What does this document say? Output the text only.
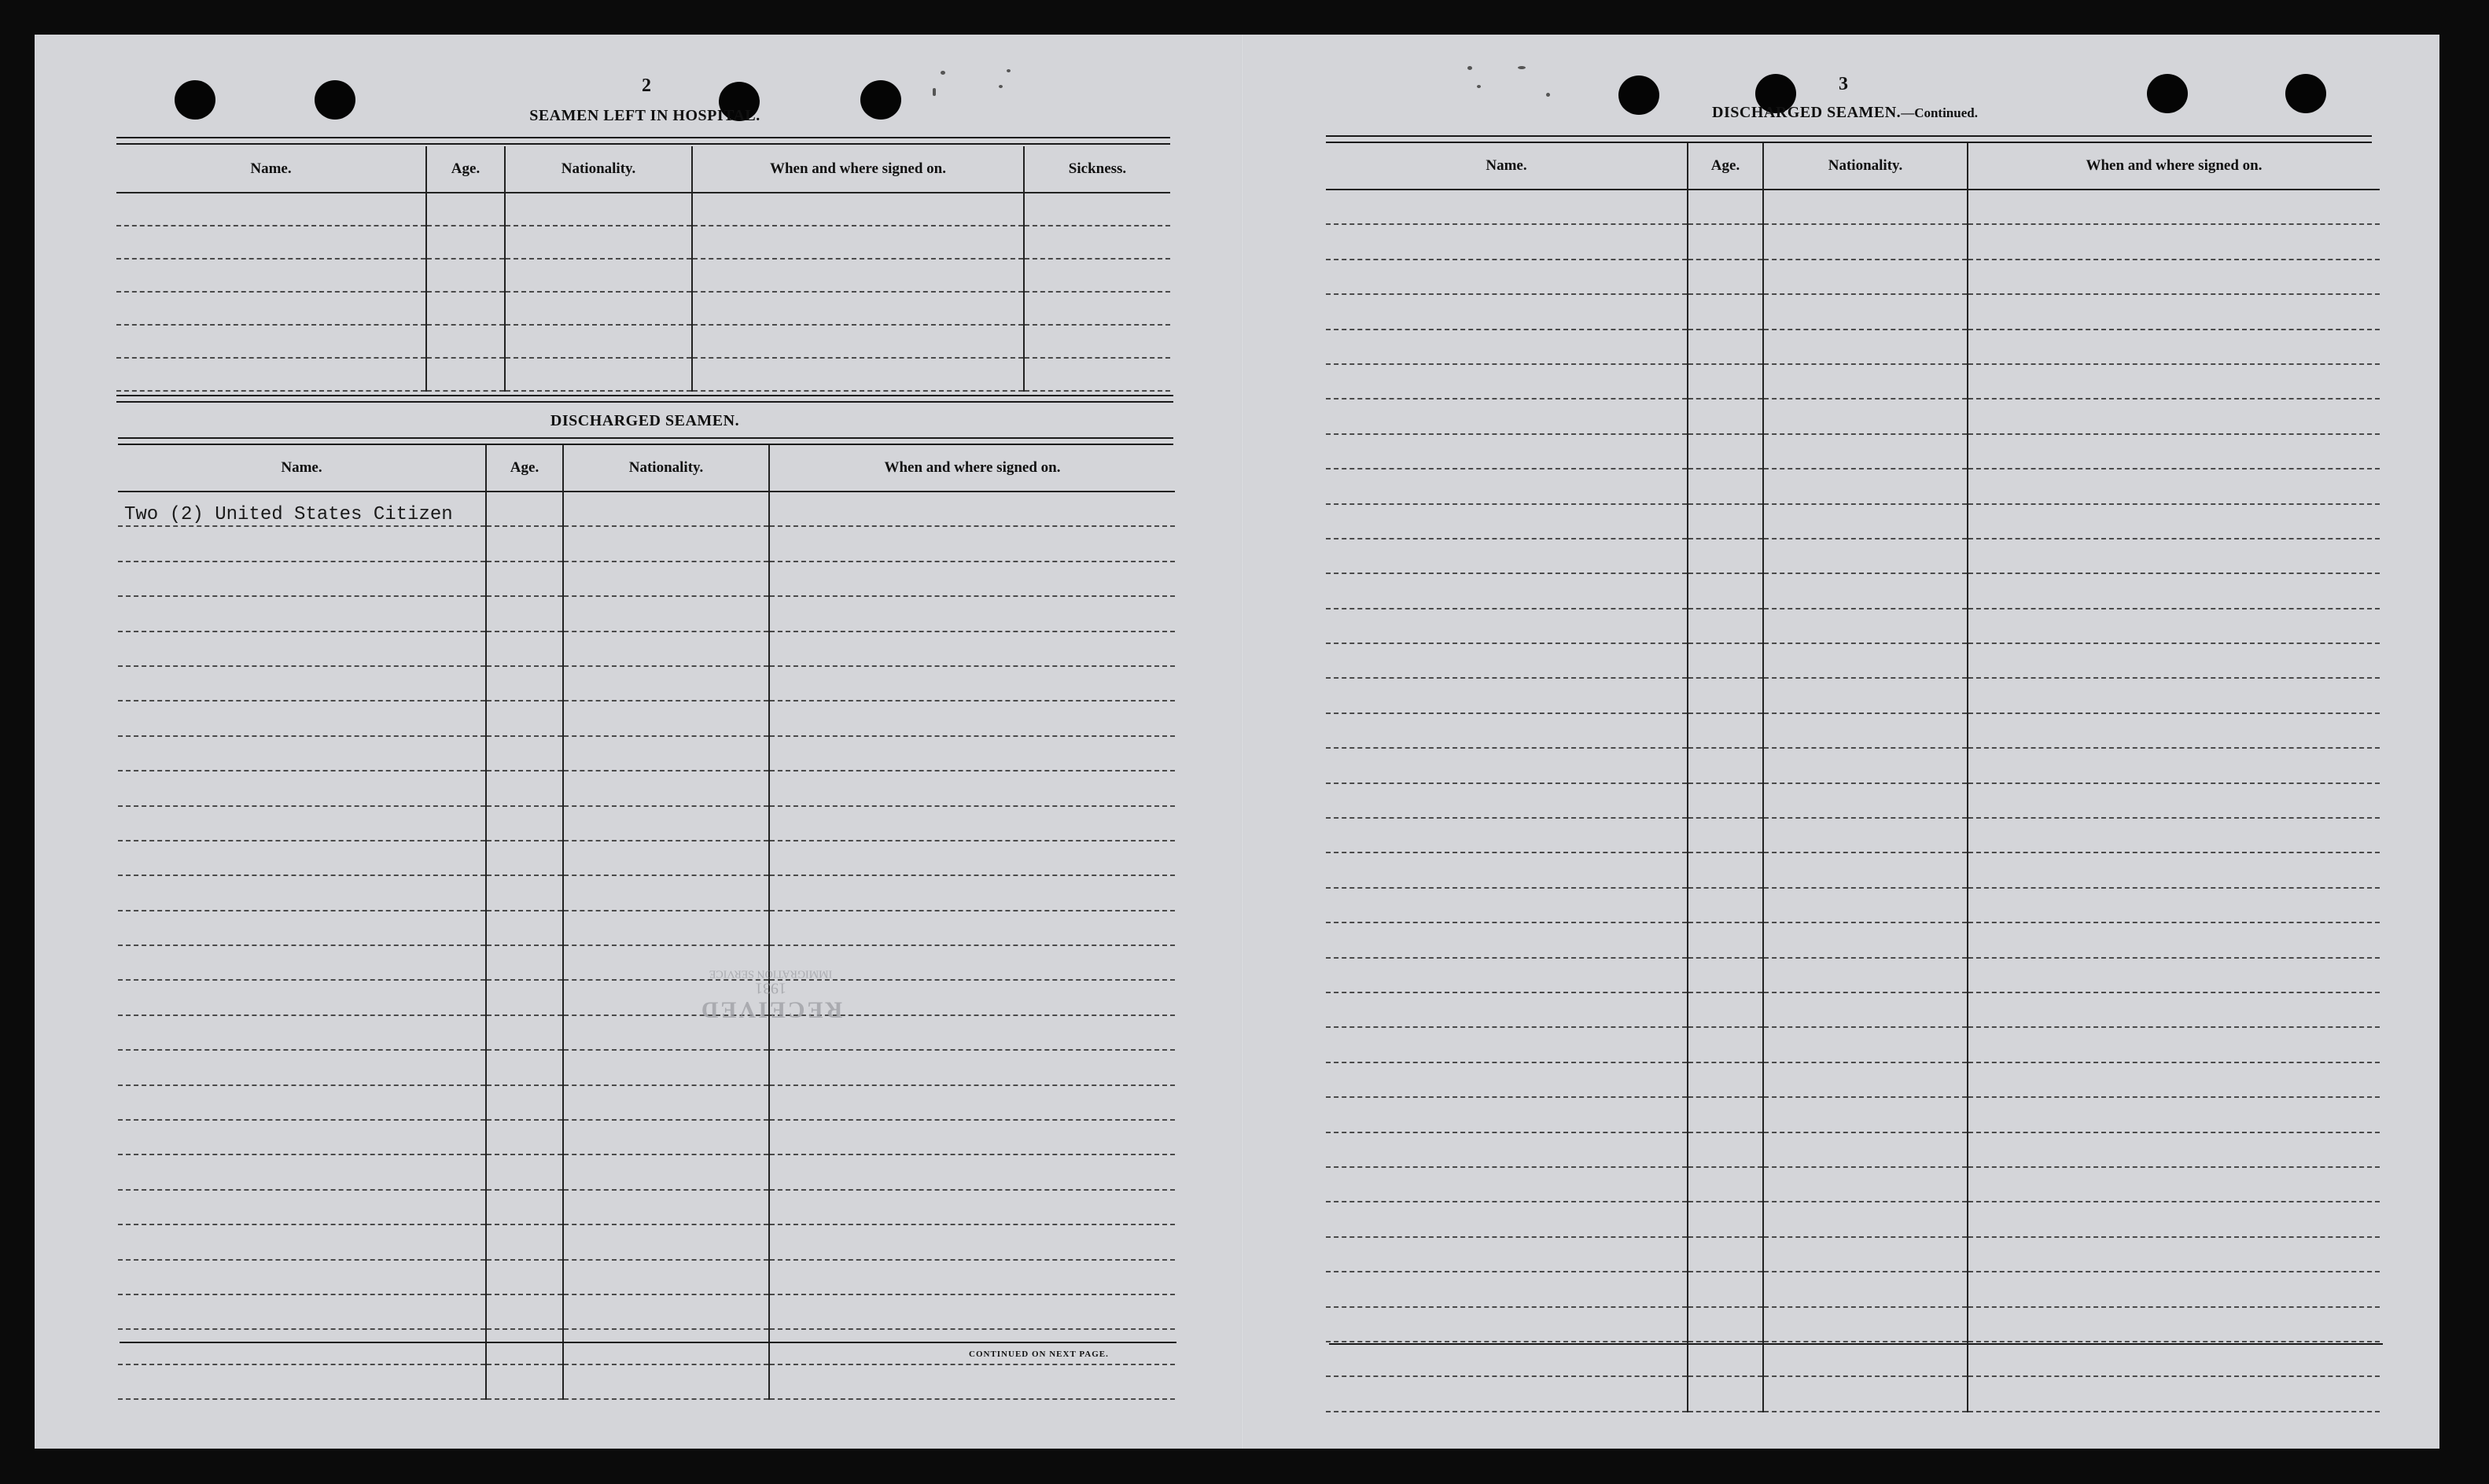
2
SEAMEN LEFT IN HOSPITAL.
Name.	Age.	Nationality.	When and where signed on.	Sickness.

DISCHARGED SEAMEN.
Name.	Age.	Nationality.	When and where signed on.
Two (2) United States Citizen			

CONTINUED ON NEXT PAGE.
RECEIVED
1931
IMMIGRATION SERVICE
3
DISCHARGED SEAMEN.—Continued.
Name.	Age.	Nationality.	When and where signed on.
